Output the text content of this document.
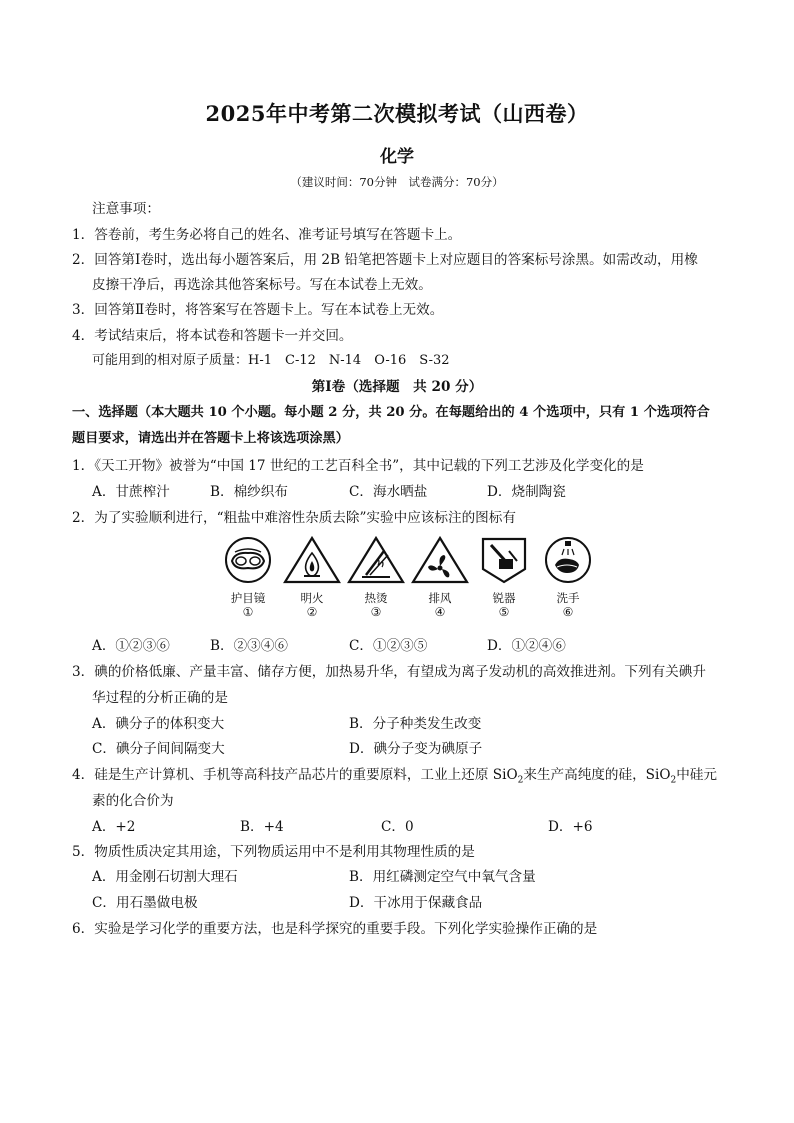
2025年中考第二次模拟考试（山西卷）
化学
（建议时间：70分钟　试卷满分：70分）
注意事项：
1．答卷前，考生务必将自己的姓名、准考证号填写在答题卡上。
2．回答第Ⅰ卷时，选出每小题答案后，用 2B 铅笔把答题卡上对应题目的答案标号涂黑。如需改动，用橡
皮擦干净后，再选涂其他答案标号。写在本试卷上无效。
3．回答第Ⅱ卷时，将答案写在答题卡上。写在本试卷上无效。
4．考试结束后，将本试卷和答题卡一并交回。
可能用到的相对原子质量：H-1　C-12　N-14　O-16　S-32
第Ⅰ卷（选择题　共 20 分）
一、选择题（本大题共 10 个小题。每小题 2 分，共 20 分。在每题给出的 4 个选项中，只有 1 个选项符合
题目要求，请选出并在答题卡上将该选项涂黑）
1．《天工开物》被誉为“中国 17 世纪的工艺百科全书”，其中记载的下列工艺涉及化学变化的是
A．甘蔗榨汁	B．棉纱织布	C．海水晒盐	D．烧制陶瓷
2．为了实验顺利进行，“粗盐中难溶性杂质去除”实验中应该标注的图标有
护目镜
①
明火
②
热烫
③
排风
④
锐器
⑤
洗手
⑥
A．①②③⑥	B．②③④⑥	C．①②③⑤	D．①②④⑥
3．碘的价格低廉、产量丰富、储存方便，加热易升华，有望成为离子发动机的高效推进剂。下列有关碘升
华过程的分析正确的是
A．碘分子的体积变大	B．分子种类发生改变
C．碘分子间间隔变大	D．碘分子变为碘原子
4．硅是生产计算机、手机等高科技产品芯片的重要原料，工业上还原 SiO$_2$来生产高纯度的硅，SiO$_2$中硅元
素的化合价为
A．+2	B．+4	C．0	D．+6
5．物质性质决定其用途，下列物质运用中不是利用其物理性质的是
A．用金刚石切割大理石	B．用红磷测定空气中氧气含量
C．用石墨做电极	D．干冰用于保藏食品
6．实验是学习化学的重要方法，也是科学探究的重要手段。下列化学实验操作正确的是
